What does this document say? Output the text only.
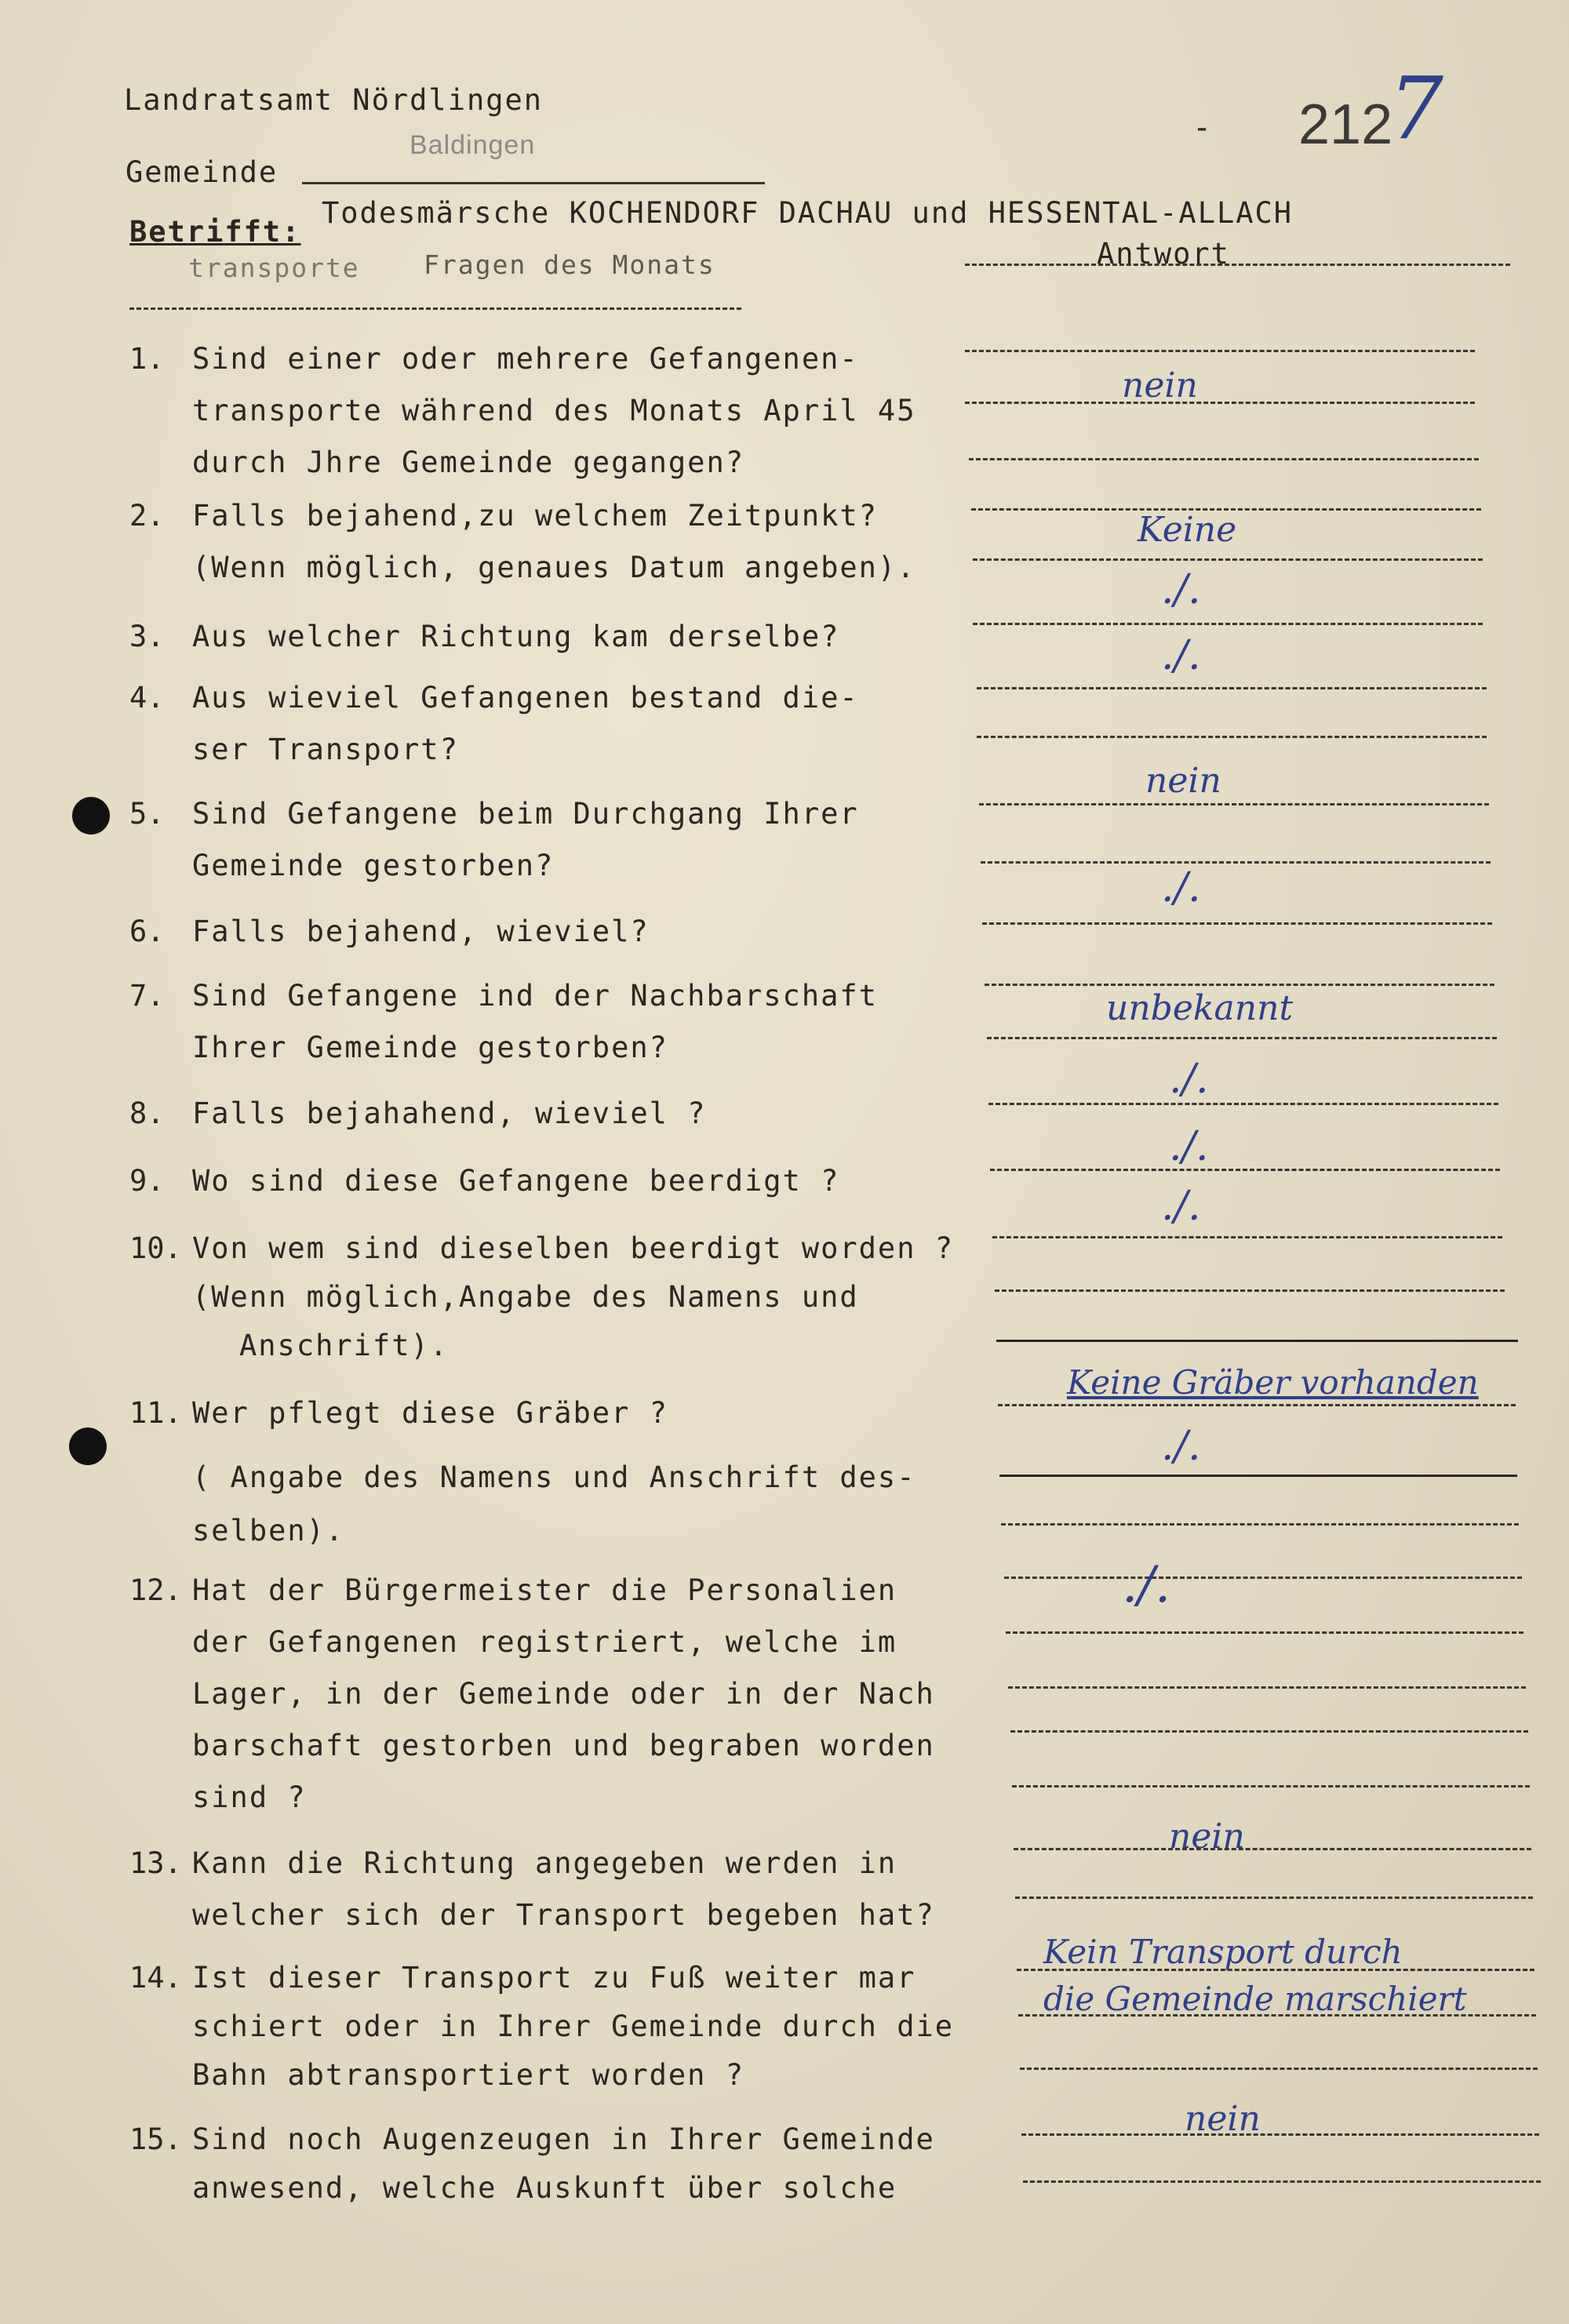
Landratsamt Nördlingen
Gemeinde
Baldingen	- 212
7
Betrifft:
Todesmärsche KOCHENDORF DACHAU und HESSENTAL-ALLACH
transporte Fragen des Monats	Antwort
1. Sind einer oder mehrere Gefangenen-
transporte während des Monats April 45
durch Jhre Gemeinde gegangen?
2. Falls bejahend,zu welchem Zeitpunkt?
(Wenn möglich, genaues Datum angeben).
3. Aus welcher Richtung kam derselbe?
4. Aus wieviel Gefangenen bestand die-
ser Transport?
5. Sind Gefangene beim Durchgang Ihrer
Gemeinde gestorben?
6. Falls bejahend, wieviel?
7. Sind Gefangene ind der Nachbarschaft
Ihrer Gemeinde gestorben?
8. Falls bejahahend, wieviel ?
9. Wo sind diese Gefangene beerdigt ?
10. Von wem sind dieselben beerdigt worden ?
(Wenn möglich,Angabe des Namens und
Anschrift).
11. Wer pflegt diese Gräber ?
( Angabe des Namens und Anschrift des-
selben).
12. Hat der Bürgermeister die Personalien
der Gefangenen registriert, welche im
Lager, in der Gemeinde oder in der Nach
barschaft gestorben und begraben worden
sind ?
13. Kann die Richtung angegeben werden in
welcher sich der Transport begeben hat?
14. Ist dieser Transport zu Fuß weiter mar
schiert oder in Ihrer Gemeinde durch die
Bahn abtransportiert worden ?
15. Sind noch Augenzeugen in Ihrer Gemeinde
anwesend, welche Auskunft über solche
nein
Keine
./.
./.
nein
./.
unbekannt
./.
./.
./.
Keine Gräber vorhanden
./.
./.
nein
Kein Transport durch
die Gemeinde marschiert
nein
